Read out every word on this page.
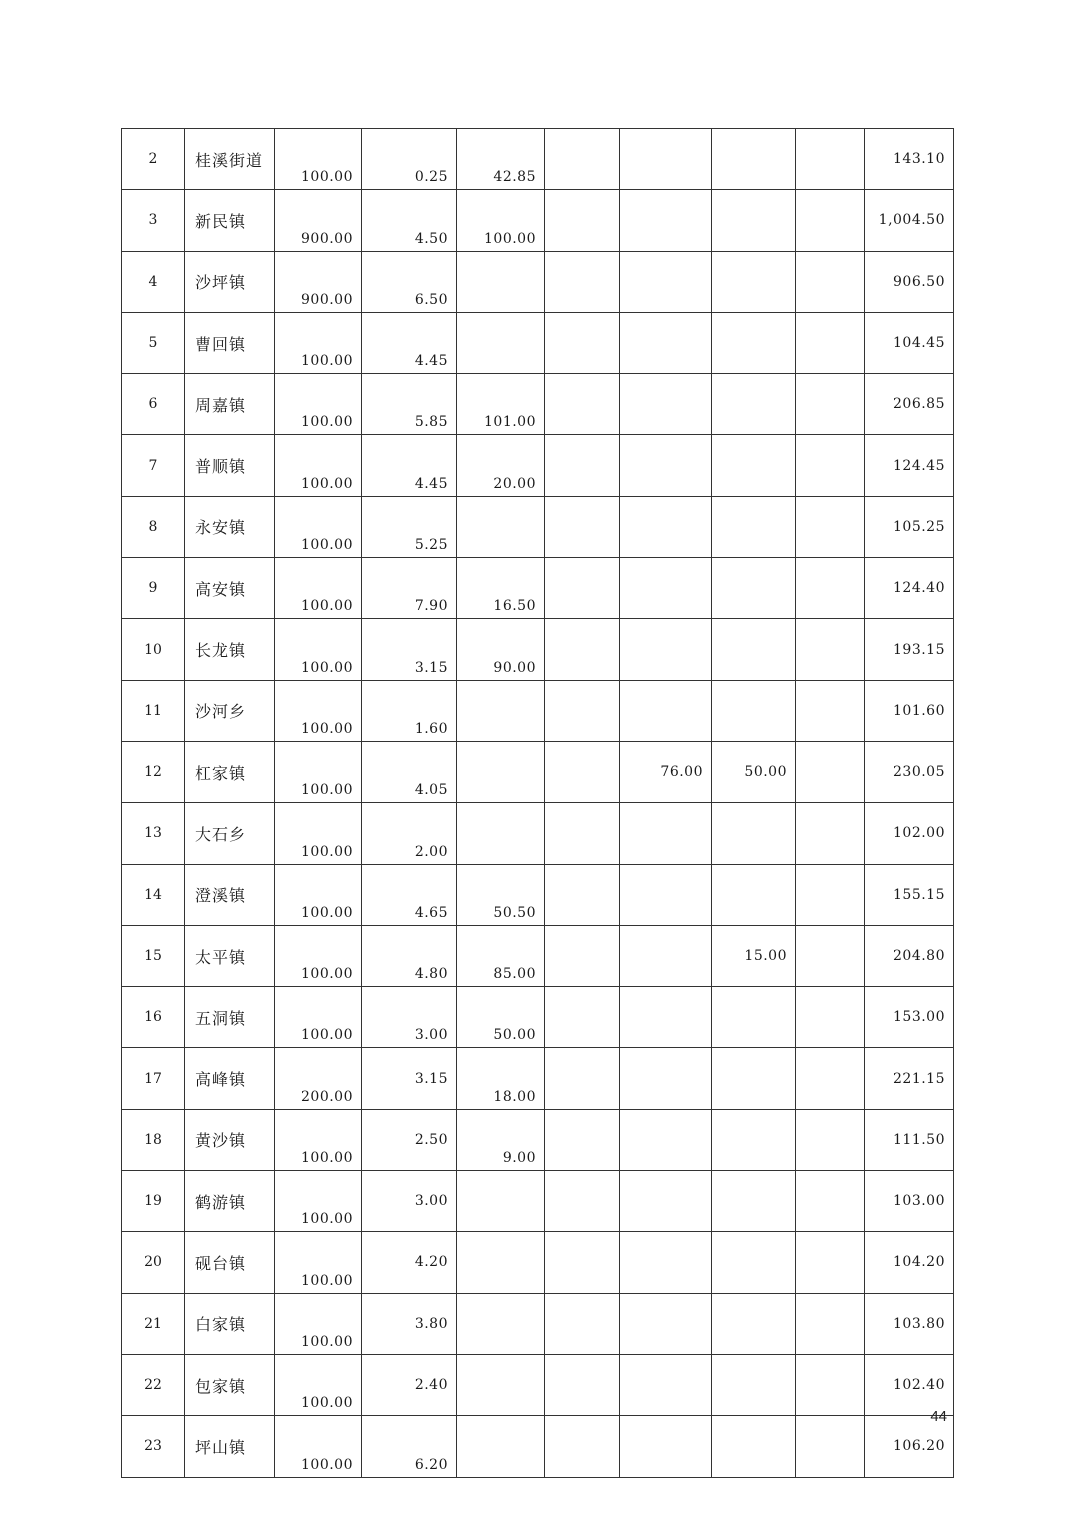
2	桂溪街道	100.00	0.25	42.85					143.10
3	新民镇	900.00	4.50	100.00					1,004.50
4	沙坪镇	900.00	6.50						906.50
5	曹回镇	100.00	4.45						104.45
6	周嘉镇	100.00	5.85	101.00					206.85
7	普顺镇	100.00	4.45	20.00					124.45
8	永安镇	100.00	5.25						105.25
9	高安镇	100.00	7.90	16.50					124.40
10	长龙镇	100.00	3.15	90.00					193.15
11	沙河乡	100.00	1.60						101.60
12	杠家镇	100.00	4.05			76.00	50.00		230.05
13	大石乡	100.00	2.00						102.00
14	澄溪镇	100.00	4.65	50.50					155.15
15	太平镇	100.00	4.80	85.00			15.00		204.80
16	五洞镇	100.00	3.00	50.00					153.00
17	高峰镇	200.00	3.15	18.00					221.15
18	黄沙镇	100.00	2.50	9.00					111.50
19	鹤游镇	100.00	3.00						103.00
20	砚台镇	100.00	4.20						104.20
21	白家镇	100.00	3.80						103.80
22	包家镇	100.00	2.40						102.40
23	坪山镇	100.00	6.20						106.20
44
